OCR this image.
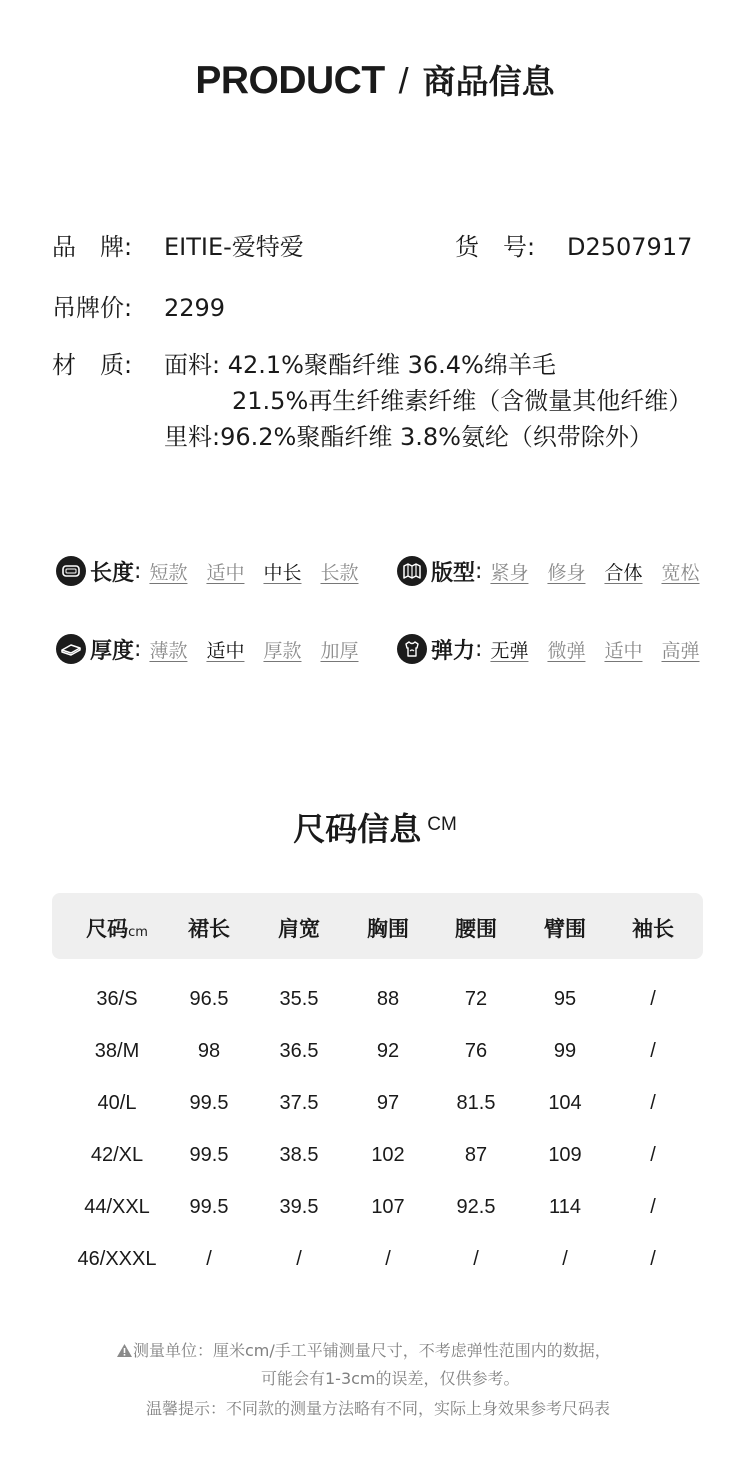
PRODUCT / 商品信息
品　牌: EITIE-爱特爱	货　号: D2507917
吊牌价: 2299
材　质: 面料: 42.1%聚酯纤维 36.4%绵羊毛
21.5%再生纤维素纤维（含微量其他纤维）
里料:96.2%聚酯纤维 3.8%氨纶（织带除外）
长度 : 短款 适中 中长 长款	版型 : 紧身 修身 合体 宽松
厚度 : 薄款 适中 厚款 加厚	弹力 : 无弹 微弹 适中 高弹
尺码信息 CM
尺码cm 裙长 肩宽 胸围 腰围 臂围 袖长
36/S	96.5	35.5	88	72	95	/
38/M	98	36.5	92	76	99	/
40/L	99.5	37.5	97	81.5	104	/
42/XL 99.5	38.5	102	87	109	/
44/XXL 99.5	39.5	107	92.5	114	/
46/XXXL /	/	/	/	/	/
测量单位：厘米cm/手工平铺测量尺寸，不考虑弹性范围内的数据，
可能会有1-3cm的误差，仅供参考。
温馨提示：不同款的测量方法略有不同，实际上身效果参考尺码表
